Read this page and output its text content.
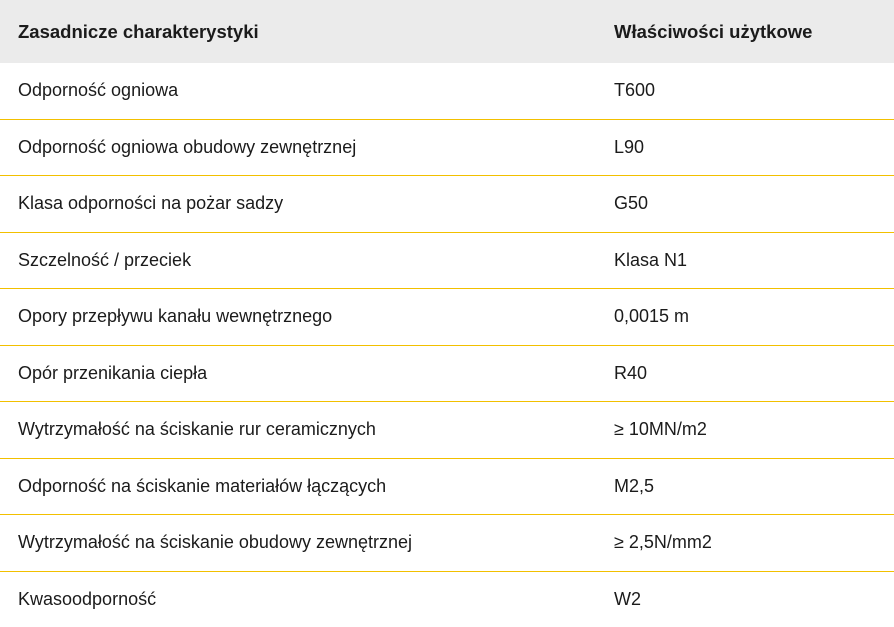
Zasadnicze charakterystyki	Właściwości użytkowe
Odporność ogniowa	T600
Odporność ogniowa obudowy zewnętrznej	L90
Klasa odporności na pożar sadzy	G50
Szczelność / przeciek	Klasa N1
Opory przepływu kanału wewnętrznego	0,0015 m
Opór przenikania ciepła	R40
Wytrzymałość na ściskanie rur ceramicznych	≥ 10MN/m2
Odporność na ściskanie materiałów łączących	M2,5
Wytrzymałość na ściskanie obudowy zewnętrznej	≥ 2,5N/mm2
Kwasoodporność	W2
